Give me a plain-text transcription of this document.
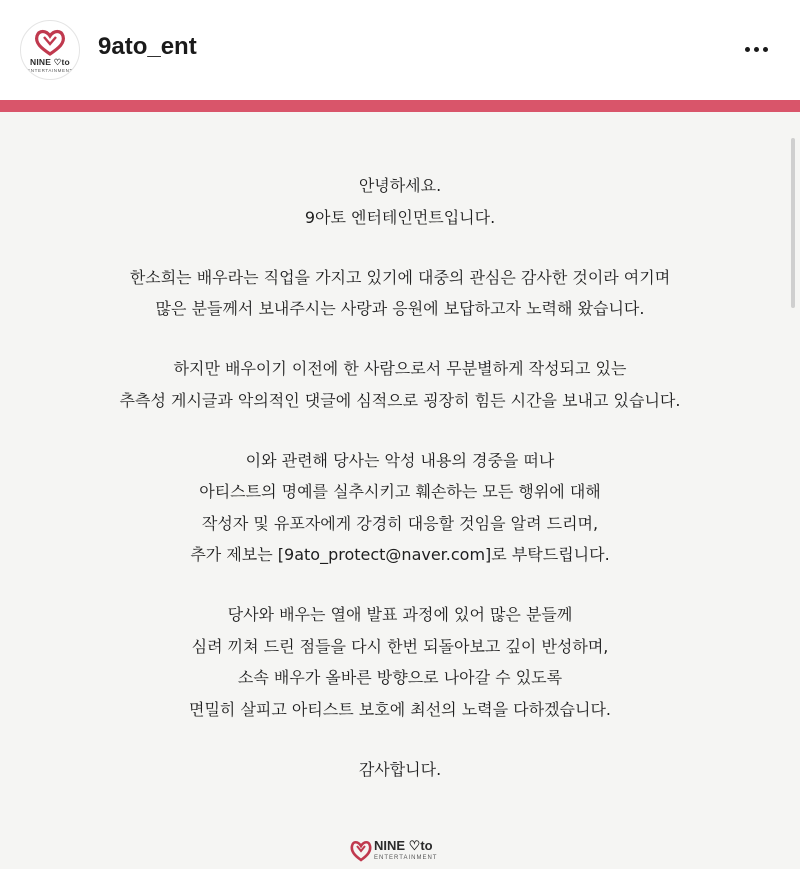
NINE ♡to
ENTERTAINMENT
9ato_ent
안녕하세요.
9아토 엔터테인먼트입니다.
한소희는 배우라는 직업을 가지고 있기에 대중의 관심은 감사한 것이라 여기며
많은 분들께서 보내주시는 사랑과 응원에 보답하고자 노력해 왔습니다.
하지만 배우이기 이전에 한 사람으로서 무분별하게 작성되고 있는
추측성 게시글과 악의적인 댓글에 심적으로 굉장히 힘든 시간을 보내고 있습니다.
이와 관련해 당사는 악성 내용의 경중을 떠나
아티스트의 명예를 실추시키고 훼손하는 모든 행위에 대해
작성자 및 유포자에게 강경히 대응할 것임을 알려 드리며,
추가 제보는 [9ato_protect@naver.com]로 부탁드립니다.
당사와 배우는 열애 발표 과정에 있어 많은 분들께
심려 끼쳐 드린 점들을 다시 한번 되돌아보고 깊이 반성하며,
소속 배우가 올바른 방향으로 나아갈 수 있도록
면밀히 살피고 아티스트 보호에 최선의 노력을 다하겠습니다.
감사합니다.
NINE ♡to
ENTERTAINMENT
